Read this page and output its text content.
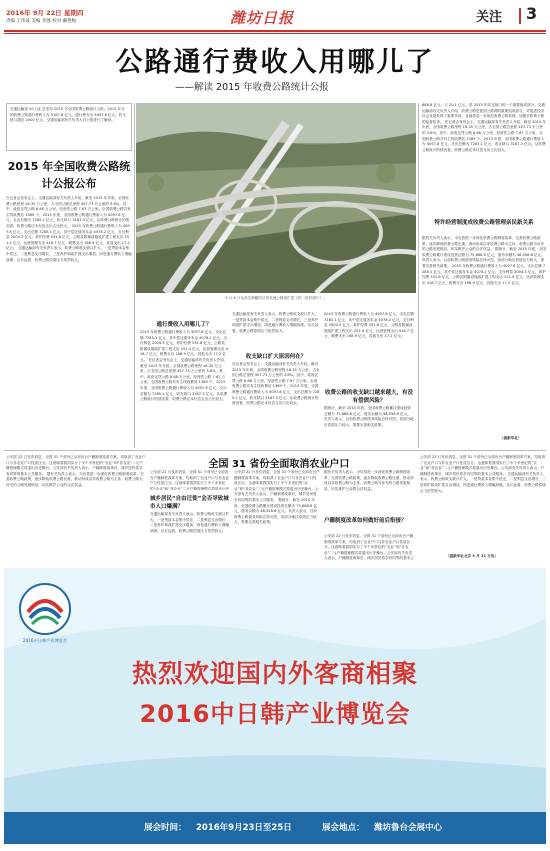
2016年 9月 22日 星期四
责编 王伟波 美编 李强 校对 戴艳梅	潍坊日报	关注 3
公路通行费收入用哪儿了
——解读 2015 年收费公路统计公报
交通运输部 20 日汇总发布 2015 年全国收费公路统计公报。2015 年全国收费公路通行费收入为 3187.8 亿元，通行费支出 5447.8 亿元，收支缺口超过 2000 亿元。交通运输部有关负责人对公报进行了解读。
2015 年全国收费公路统计公报公布
在记者会发布会上，交通运输部有关负责人介绍，截至 2015 年年底，全国收费公路里程 16.35 万公里，占全国公路总里程 457.73 万公里的 3.6%。其中，政府还贷公路 8.68 万公里，经营性公路 7.67 万公里。全国收费公路共有主线收费站 1389 个。2015 年度，全国收费公路通行费收入为 4097.8 亿元，支出总额为 7285.1 亿元，收支缺口 3187.3 亿元。从收费公路统计的情况看，收费公路还本付息支出占比较大。 2015 年收费公路通行费收入为 4097.8 亿元，支出总额 7285.1 亿元，其中偿还债务本金 4078.2 亿元，支付利息 2004.3 亿元，养护经费 531.8 亿元，公路及附属设施改扩建工程支出 251.4 亿元，运营管理支出 418.7 亿元，税费支出 168.9 亿元，其他支出 17.2 亿元。 交通运输部有关负责人表示，收费公路收支缺口扩大，一是贷款本金集中偿还，二是利息支出增长，三是养护和改扩建支出增加，四是通行费收入增幅放缓。从长远看，收费公路偿债压力依然较大。
9 月 8 日从高空俯瞰的济青高速公路改扩建工程（资料照片）。
866.8 亿元，占 20.1 亿元，是 2015 年收支缺口的一个重要组成部分。交通运输部有关负责人介绍，收费公路是我国公路网的重要组成部分，对促进经济社会发展发挥了重要作用。各地将进一步规范收费公路管理，加强对收费公路的监督检查。 在记者会发布会上，交通运输部有关负责人介绍，截至 2015 年年底，全国收费公路里程 16.35 万公里，占全国公路总里程 457.73 万公里的 3.6%。其中，政府还贷公路 8.68 万公里，经营性公路 7.67 万公里。全国收费公路共有主线收费站 1389 个。2015 年度，全国收费公路通行费收入为 4097.8 亿元，支出总额为 7285.1 亿元，收支缺口 3187.3 亿元。从收费公路统计的情况看，收费公路还本付息支出占比较大。
特许经营制度成收费公路管理亲民新关系
据有关负责人表示，今后将进一步深化收费公路制度改革，完善收费公路政策，逐步降低收费公路比重，推动形成以非收费公路为主体、收费公路为补充的公路发展格局，切实维护公众的合法权益。 据统计，截至 2015 年底，全国收费公路累计建设投资总额为 75,868.6 亿元，债务余额为 48,558.6 亿元。负责人表示，目前收费公路债务风险总体可控，但部分地区偿债压力较大，需要完善相关政策。 2015 年收费公路通行费收入为 4097.8 亿元，支出总额 7285.1 亿元，其中偿还债务本金 4078.2 亿元，支付利息 2004.3 亿元，养护经费 531.8 亿元，公路及附属设施改扩建工程支出 251.4 亿元，运营管理支出 418.7 亿元，税费支出 168.9 亿元，其他支出 17.2 亿元。
（据新华社）
通行费收入用哪儿了？
2015 年收费公路通行费收入为 4097.8 亿元，支出总额 7285.1 亿元，其中偿还债务本金 4078.2 亿元，支付利息 2004.3 亿元，养护经费 531.8 亿元，公路及附属设施改扩建工程支出 251.4 亿元，运营管理支出 418.7 亿元，税费支出 168.9 亿元，其他支出 17.2 亿元。 在记者会发布会上，交通运输部有关负责人介绍，截至 2015 年年底，全国收费公路里程 16.35 万公里，占全国公路总里程 457.73 万公里的 3.6%。其中，政府还贷公路 8.68 万公里，经营性公路 7.67 万公里。全国收费公路共有主线收费站 1389 个。2015 年度，全国收费公路通行费收入为 4097.8 亿元，支出总额为 7285.1 亿元，收支缺口 3187.3 亿元。从收费公路统计的情况看，收费公路还本付息支出占比较大。
交通运输部有关负责人表示，收费公路收支缺口扩大，一是贷款本金集中偿还，二是利息支出增长，三是养护和改扩建支出增加，四是通行费收入增幅放缓。从长远看，收费公路偿债压力依然较大。
收支缺口扩大原因何在？
在记者会发布会上，交通运输部有关负责人介绍，截至 2015 年年底，全国收费公路里程 16.35 万公里，占全国公路总里程 457.73 万公里的 3.6%。其中，政府还贷公路 8.68 万公里，经营性公路 7.67 万公里。全国收费公路共有主线收费站 1389 个。2015 年度，全国收费公路通行费收入为 4097.8 亿元，支出总额为 7285.1 亿元，收支缺口 3187.3 亿元。从收费公路统计的情况看，收费公路还本付息支出占比较大。
2015 年收费公路通行费收入为 4097.8 亿元，支出总额 7285.1 亿元，其中偿还债务本金 4078.2 亿元，支付利息 2004.3 亿元，养护经费 531.8 亿元，公路及附属设施改扩建工程支出 251.4 亿元，运营管理支出 418.7 亿元，税费支出 168.9 亿元，其他支出 17.2 亿元。
收费公路的收支缺口越来越大，有没有偿债风险？
据统计，截至 2015 年底，全国收费公路累计建设投资总额为 75,868.6 亿元，债务余额为 48,558.6 亿元。负责人表示，目前收费公路债务风险总体可控，但部分地区偿债压力较大，需要完善相关政策。
公安部 22 日发布消息，全国 31 个省份已全部出台户籍制度改革方案，均取消了农业户口与非农业户口性质区分。这意味着我国实行了半个多世纪的“农业”和“非农业”二元户籍管理模式将退出历史舞台。公安部有关负责人表示，户籍制度改革后，城乡居民将享有同等的基本公共服务。 据有关负责人表示，今后将进一步深化收费公路制度改革，完善收费公路政策，逐步降低收费公路比重，推动形成以非收费公路为主体、收费公路为补充的公路发展格局，切实维护公众的合法权益。
全国 31 省份全面取消农业户口
公安部 22 日发布消息，全国 31 个省份已全部出台户籍制度改革方案，均取消了农业户口与非农业户口性质区分。这意味着我国实行了半个多世纪的“农业”和“非农业”二元户籍管理模式将退出历史
城乡居民“自由迁徙”会否导致城市人口爆满？
交通运输部有关负责人表示，收费公路收支缺口扩大，一是贷款本金集中偿还，二是利息支出增长，三是养护和改扩建支出增加，四是通行费收入增幅放缓。从长远看，收费公路偿债压力依然较大。
公安部 22 日发布消息，全国 31 个省份已全部出台户籍制度改革方案，均取消了农业户口与非农业户口性质区分。这意味着我国实行了半个多世纪的“农业”和“非农业”二元户籍管理模式将退出历史舞台。公安部有关负责人表示，户籍制度改革后，城乡居民将享有同等的基本公共服务。 据统计，截至 2015 年底，全国收费公路累计建设投资总额为 75,868.6 亿元，债务余额为 48,558.6 亿元。负责人表示，目前收费公路债务风险总体可控，但部分地区偿债压力较大，需要完善相关政策。
据有关负责人表示，今后将进一步深化收费公路制度改革，完善收费公路政策，逐步降低收费公路比重，推动形成以非收费公路为主体、收费公路为补充的公路发展格局，切实维护公众的合法权益。
户籍制度改革如何做好前后衔接？
公安部 22 日发布消息，全国 31 个省份已全部出台户籍制度改革方案，均取消了农业户口与非农业户口性质区分。这意味着我国实行了半个多世纪的“农业”和“非农业”二元户籍管理模式将退出历史舞台。公安部有关负责人表示，户籍制度改革后，城乡居民将享有同等的基本公
公安部 22 日发布消息，全国 31 个省份已全部出台户籍制度改革方案，均取消了农业户口与非农业户口性质区分。这意味着我国实行了半个多世纪的“农业”和“非农业”二元户籍管理模式将退出历史舞台。公安部有关负责人表示，户籍制度改革后，城乡居民将享有同等的基本公共服务。 交通运输部有关负责人表示，收费公路收支缺口扩大，一是贷款本金集中偿还，二是利息支出增长，三是养护和改扩建支出增加，四是通行费收入增幅放缓。从长远看，收费公路偿债压力依然较大。
（据新华社北京 9 月 21 日电）
2016中日韩产业博览会
热烈欢迎国内外客商相聚
2016中日韩产业博览会
展会时间： 2016年9月23日至25日	展会地点： 潍坊鲁台会展中心
